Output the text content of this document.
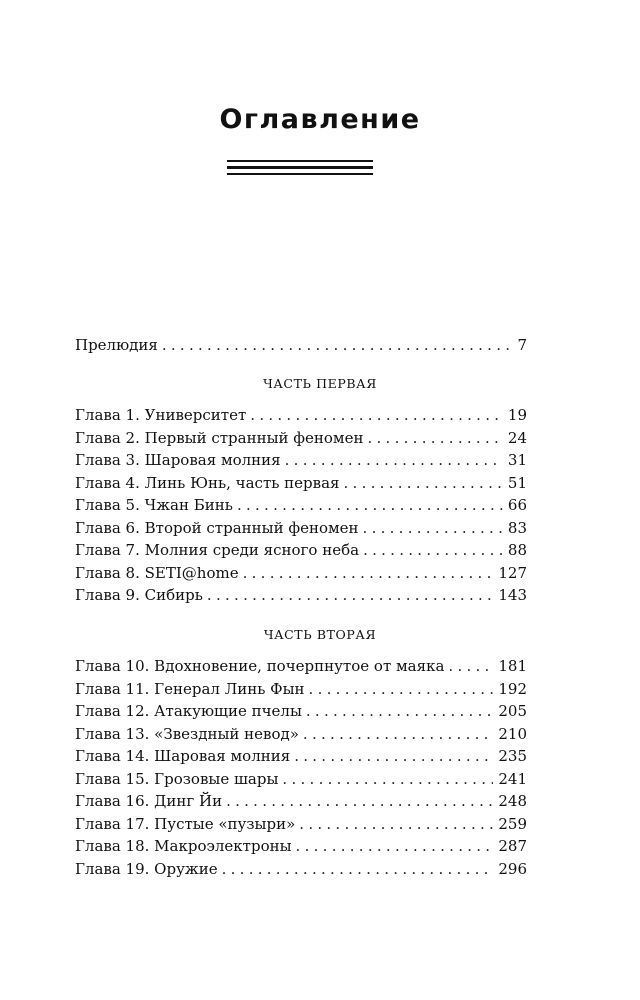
Оглавление
Прелюдия . . .	7
ЧАСТЬ ПЕРВАЯ
Глава 1. Университет . . .	19
Глава 2. Первый странный феномен . . .	24
Глава 3. Шаровая молния . . .	31
Глава 4. Линь Юнь, часть первая . . .	51
Глава 5. Чжан Бинь . . .	66
Глава 6. Второй странный феномен . . .	83
Глава 7. Молния среди ясного неба . . .	88
Глава 8. SETI@home . . .	127
Глава 9. Сибирь . . .	143
ЧАСТЬ ВТОРАЯ
Глава 10. Вдохновение, почерпнутое от маяка . . .	181
Глава 11. Генерал Линь Фын . . .	192
Глава 12. Атакующие пчелы . . .	205
Глава 13. «Звездный невод» . . .	210
Глава 14. Шаровая молния . . .	235
Глава 15. Грозовые шары . . .	241
Глава 16. Динг Йи . . .	248
Глава 17. Пустые «пузыри» . . .	259
Глава 18. Макроэлектроны . . .	287
Глава 19. Оружие . . .	296
